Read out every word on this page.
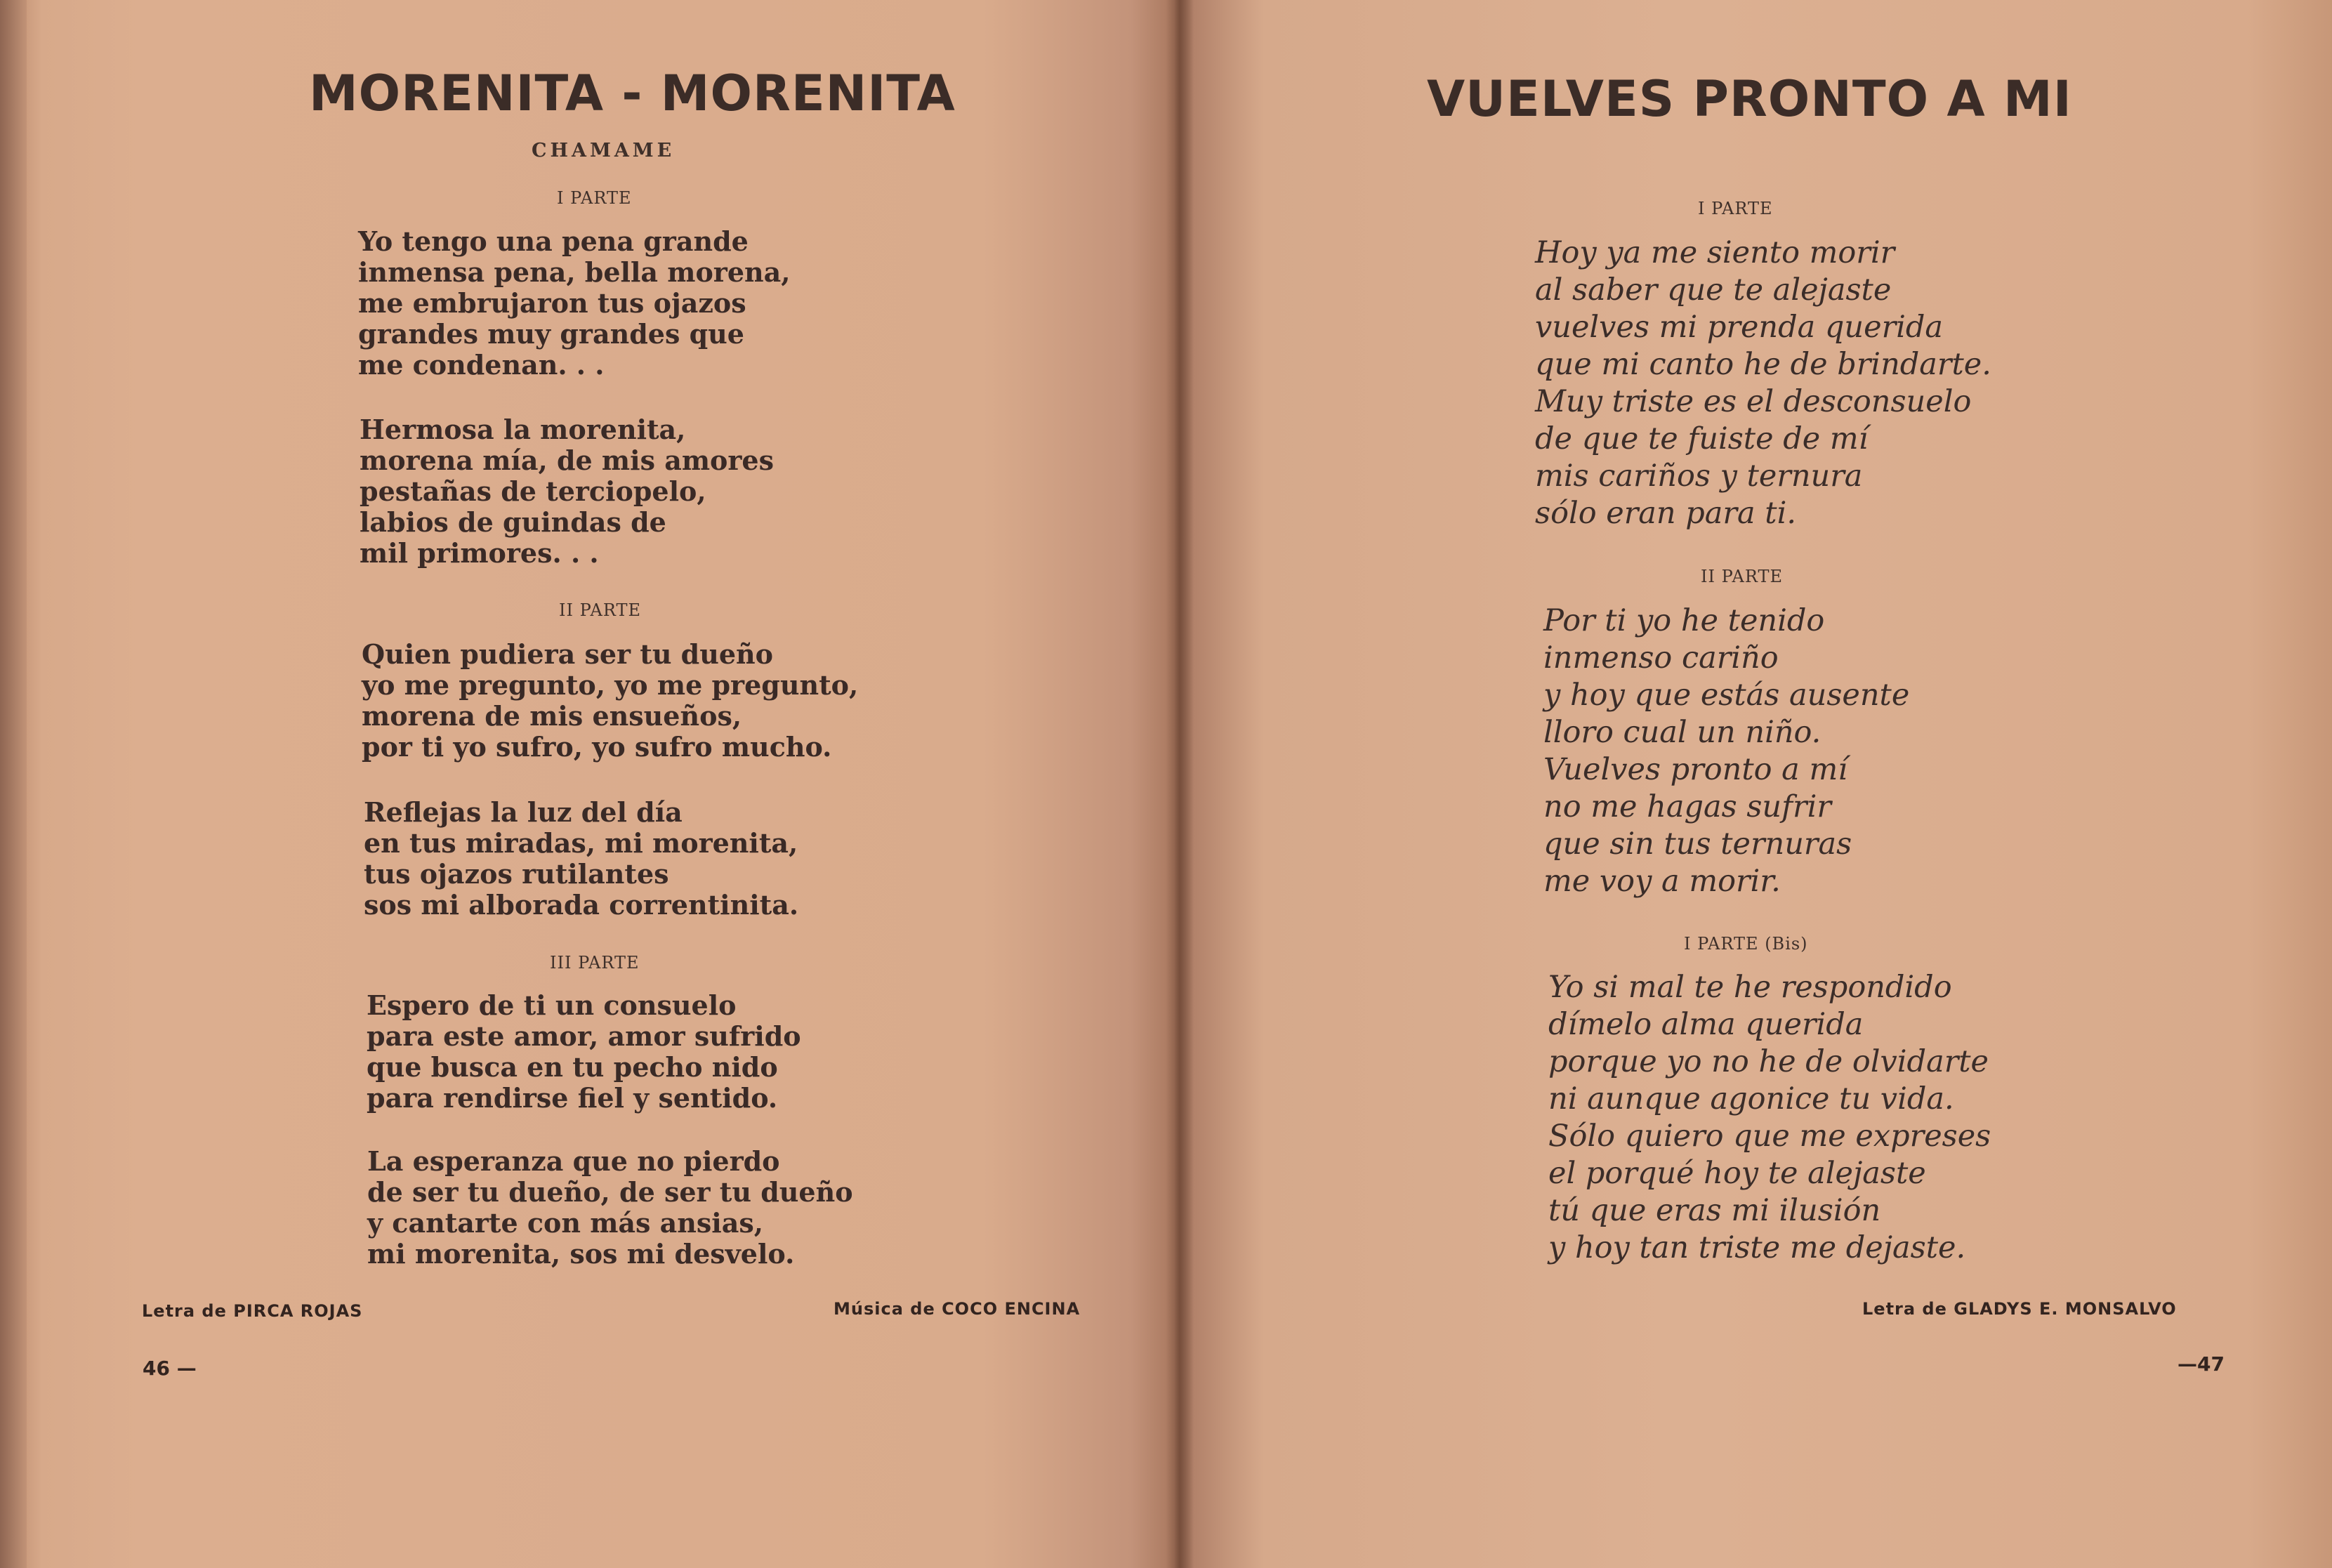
MORENITA - MORENITA

CHAMAME

I PARTE

Yo tengo una pena grande
inmensa pena, bella morena,
me embrujaron tus ojazos
grandes muy grandes que
me condenan. . .
Hermosa la morenita,
morena mía, de mis amores
pestañas de terciopelo,
labios de guindas de
mil primores. . .

II PARTE

Quien pudiera ser tu dueño
yo me pregunto, yo me pregunto,
morena de mis ensueños,
por ti yo sufro, yo sufro mucho.
Reflejas la luz del día
en tus miradas, mi morenita,
tus ojazos rutilantes
sos mi alborada correntinita.

III PARTE

Espero de ti un consuelo
para este amor, amor sufrido
que busca en tu pecho nido
para rendirse fiel y sentido.
La esperanza que no pierdo
de ser tu dueño, de ser tu dueño
y cantarte con más ansias,
mi morenita, sos mi desvelo.

Letra de PIRCA ROJAS	Música de COCO ENCINA

46 —

VUELVES PRONTO A MI

I PARTE

Hoy ya me siento morir
al saber que te alejaste
vuelves mi prenda querida
que mi canto he de brindarte.
Muy triste es el desconsuelo
de que te fuiste de mí
mis cariños y ternura
sólo eran para ti.

II PARTE

Por ti yo he tenido
inmenso cariño
y hoy que estás ausente
lloro cual un niño.
Vuelves pronto a mí
no me hagas sufrir
que sin tus ternuras
me voy a morir.

I PARTE (Bis)

Yo si mal te he respondido
dímelo alma querida
porque yo no he de olvidarte
ni aunque agonice tu vida.
Sólo quiero que me expreses
el porqué hoy te alejaste
tú que eras mi ilusión
y hoy tan triste me dejaste.

Letra de GLADYS E. MONSALVO

—47
